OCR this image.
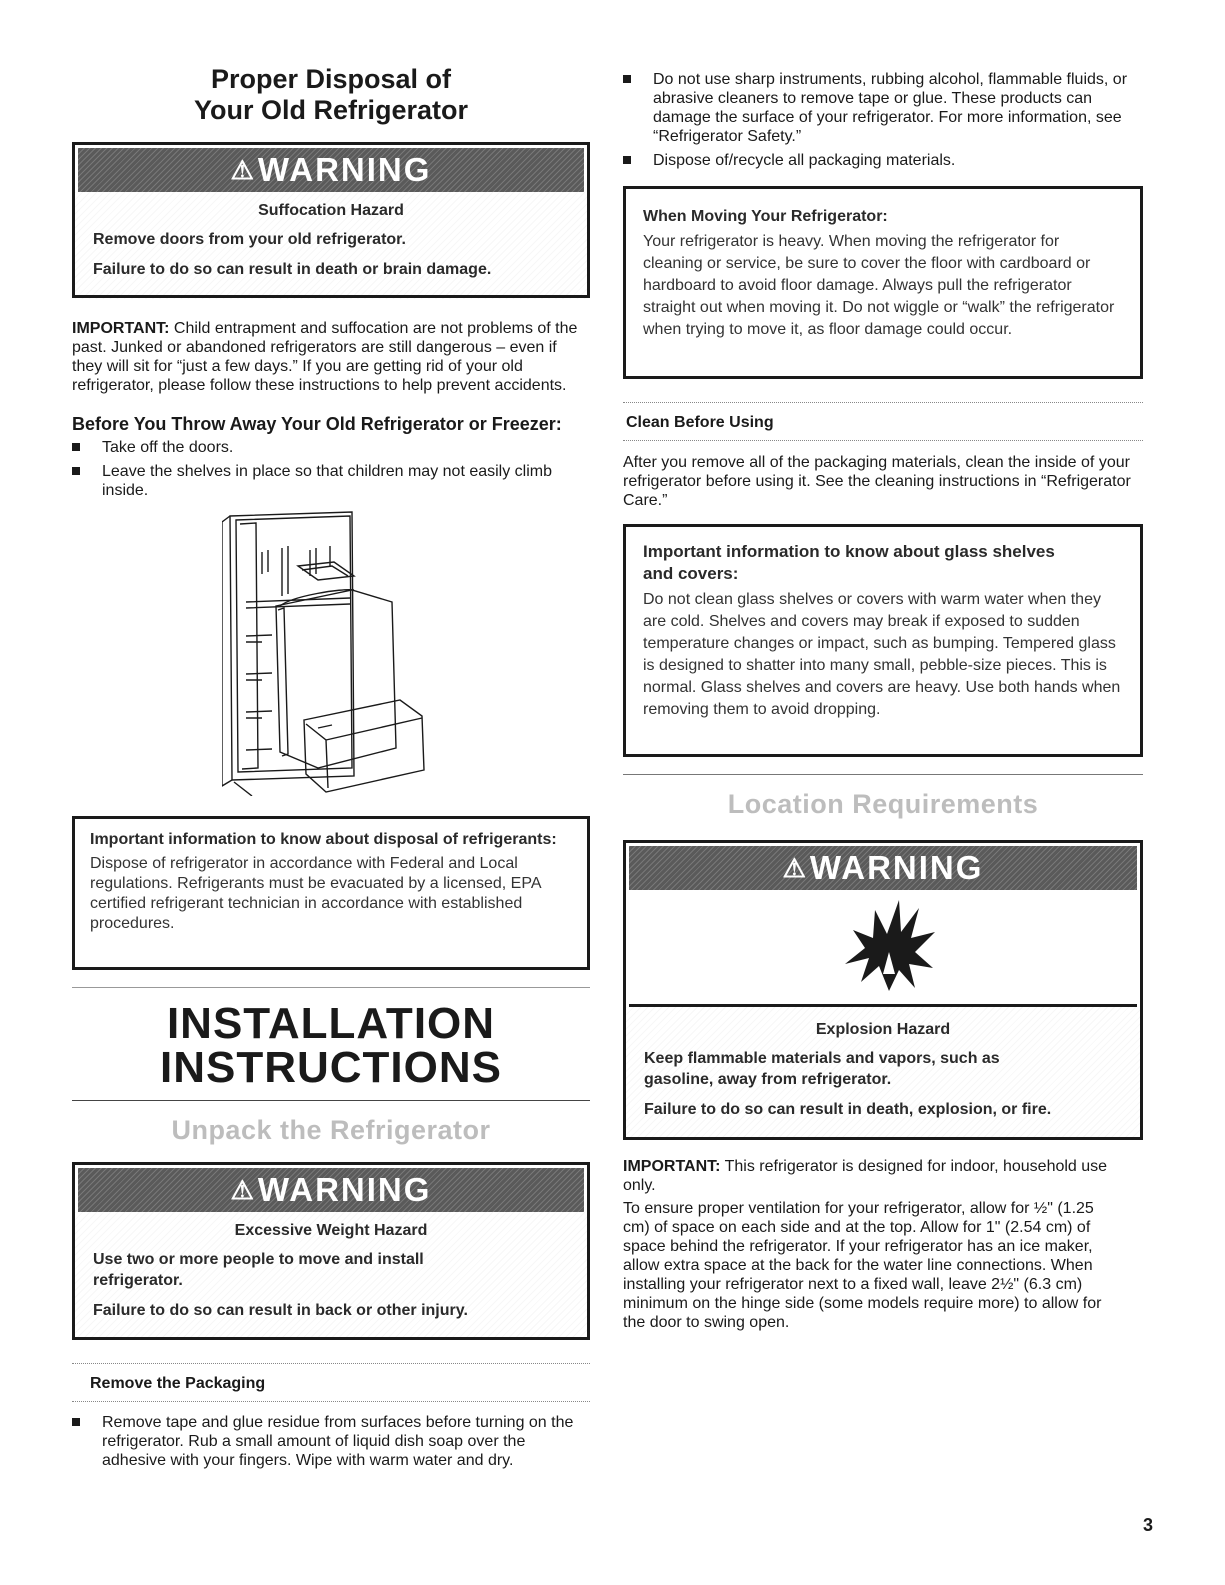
Proper Disposal of
Your Old Refrigerator
⚠ WARNING
Suffocation Hazard
Remove doors from your old refrigerator.
Failure to do so can result in death or brain damage.

IMPORTANT: Child entrapment and suffocation are not problems of the past. Junked or abandoned refrigerators are still dangerous – even if they will sit for “just a few days.” If you are getting rid of your old refrigerator, please follow these instructions to help prevent accidents.

Before You Throw Away Your Old Refrigerator or Freezer:
Take off the doors.
Leave the shelves in place so that children may not easily climb inside.
Important information to know about disposal of refrigerants:
Dispose of refrigerator in accordance with Federal and Local regulations. Refrigerants must be evacuated by a licensed, EPA certified refrigerant technician in accordance with established procedures.
INSTALLATION
INSTRUCTIONS
Unpack the Refrigerator
⚠ WARNING
Excessive Weight Hazard
Use two or more people to move and install refrigerator.
Failure to do so can result in back or other injury.
Remove the Packaging
Remove tape and glue residue from surfaces before turning on the refrigerator. Rub a small amount of liquid dish soap over the adhesive with your fingers. Wipe with warm water and dry.
Do not use sharp instruments, rubbing alcohol, flammable fluids, or abrasive cleaners to remove tape or glue. These products can damage the surface of your refrigerator. For more information, see “Refrigerator Safety.”
Dispose of/recycle all packaging materials.
When Moving Your Refrigerator:
Your refrigerator is heavy. When moving the refrigerator for cleaning or service, be sure to cover the floor with cardboard or hardboard to avoid floor damage. Always pull the refrigerator straight out when moving it. Do not wiggle or “walk” the refrigerator when trying to move it, as floor damage could occur.
Clean Before Using

After you remove all of the packaging materials, clean the inside of your refrigerator before using it. See the cleaning instructions in “Refrigerator Care.”

Important information to know about glass shelves and covers:
Do not clean glass shelves or covers with warm water when they are cold. Shelves and covers may break if exposed to sudden temperature changes or impact, such as bumping. Tempered glass is designed to shatter into many small, pebble-size pieces. This is normal. Glass shelves and covers are heavy. Use both hands when removing them to avoid dropping.
Location Requirements
⚠ WARNING
Explosion Hazard
Keep flammable materials and vapors, such as gasoline, away from refrigerator.
Failure to do so can result in death, explosion, or fire.

IMPORTANT: This refrigerator is designed for indoor, household use only.

To ensure proper ventilation for your refrigerator, allow for ½" (1.25 cm) of space on each side and at the top. Allow for 1" (2.54 cm) of space behind the refrigerator. If your refrigerator has an ice maker, allow extra space at the back for the water line connections. When installing your refrigerator next to a fixed wall, leave 2½" (6.3 cm) minimum on the hinge side (some models require more) to allow for the door to swing open.

3
